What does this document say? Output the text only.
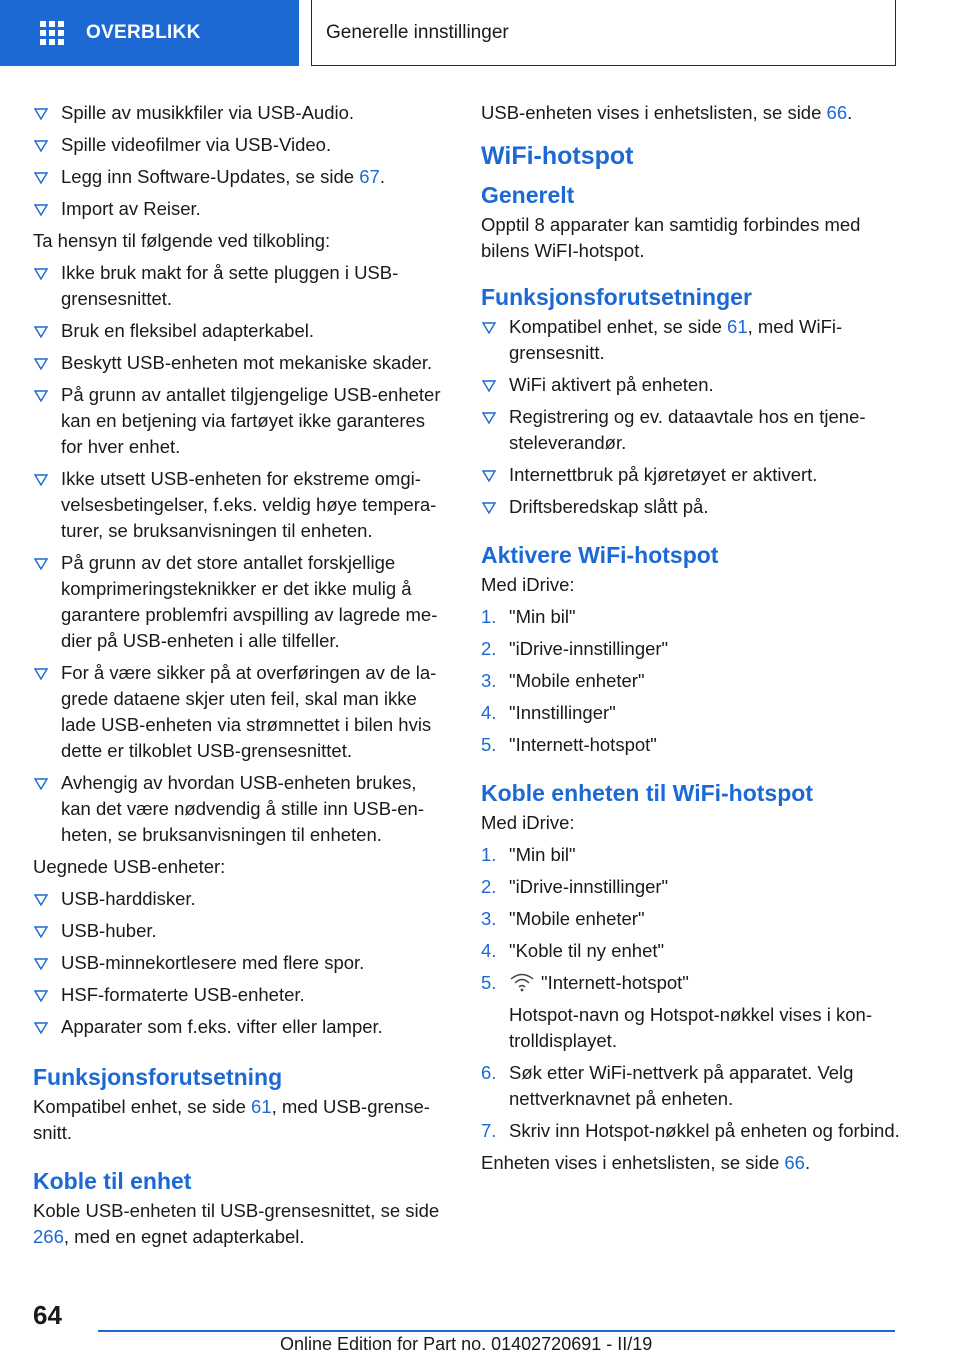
OVERBLIKK	Generelle innstillinger
Spille av musikkfiler via USB-Audio.
Spille videofilmer via USB-Video.
Legg inn Software-Updates, se side 67.
Import av Reiser.

Ta hensyn til følgende ved tilkobling:

Ikke bruk makt for å sette pluggen i USB-grensesnittet.
Bruk en fleksibel adapterkabel.
Beskytt USB-enheten mot mekaniske skader.
På grunn av antallet tilgjengelige USB-enheter kan en betjening via fartøyet ikke garanteres for hver enhet.
Ikke utsett USB-enheten for ekstreme omgivelsesbetingelser, f.eks. veldig høye temperaturer, se bruksanvisningen til enheten.
På grunn av det store antallet forskjellige komprimeringsteknikker er det ikke mulig å garantere problemfri avspilling av lagrede medier på USB-enheten i alle tilfeller.
For å være sikker på at overføringen av de lagrede dataene skjer uten feil, skal man ikke lade USB-enheten via strømnettet i bilen hvis dette er tilkoblet USB-grensesnittet.
Avhengig av hvordan USB-enheten brukes, kan det være nødvendig å stille inn USB-enheten, se bruksanvisningen til enheten.

Uegnede USB-enheter:

USB-harddisker.
USB-huber.
USB-minnekortlesere med flere spor.
HSF-formaterte USB-enheter.
Apparater som f.eks. vifter eller lamper.
Funksjonsforutsetning

Kompatibel enhet, se side 61, med USB-grensesnitt.

Koble til enhet

Koble USB-enheten til USB-grensesnittet, se side 266, med en egnet adapterkabel.

USB-enheten vises i enhetslisten, se side 66.

WiFi-hotspot
Generelt

Opptil 8 apparater kan samtidig forbindes med bilens WiFI-hotspot.

Funksjonsforutsetninger
Kompatibel enhet, se side 61, med WiFi-grensesnitt.
WiFi aktivert på enheten.
Registrering og ev. dataavtale hos en tjenesteleverandør.
Internettbruk på kjøretøyet er aktivert.
Driftsberedskap slått på.
Aktivere WiFi-hotspot

Med iDrive:

1. "Min bil"
2. "iDrive-innstillinger"
3. "Mobile enheter"
4. "Innstillinger"
5. "Internett-hotspot"
Koble enheten til WiFi-hotspot

Med iDrive:

1. "Min bil"
2. "iDrive-innstillinger"
3. "Mobile enheter"
4. "Koble til ny enhet"
5. "Internett-hotspot"
Hotspot-navn og Hotspot-nøkkel vises i kontrolldisplayet.
6. Søk etter WiFi-nettverk på apparatet. Velg nettverknavnet på enheten.
7. Skriv inn Hotspot-nøkkel på enheten og forbind.

Enheten vises i enhetslisten, se side 66.

64
Online Edition for Part no. 01402720691 - II/19
